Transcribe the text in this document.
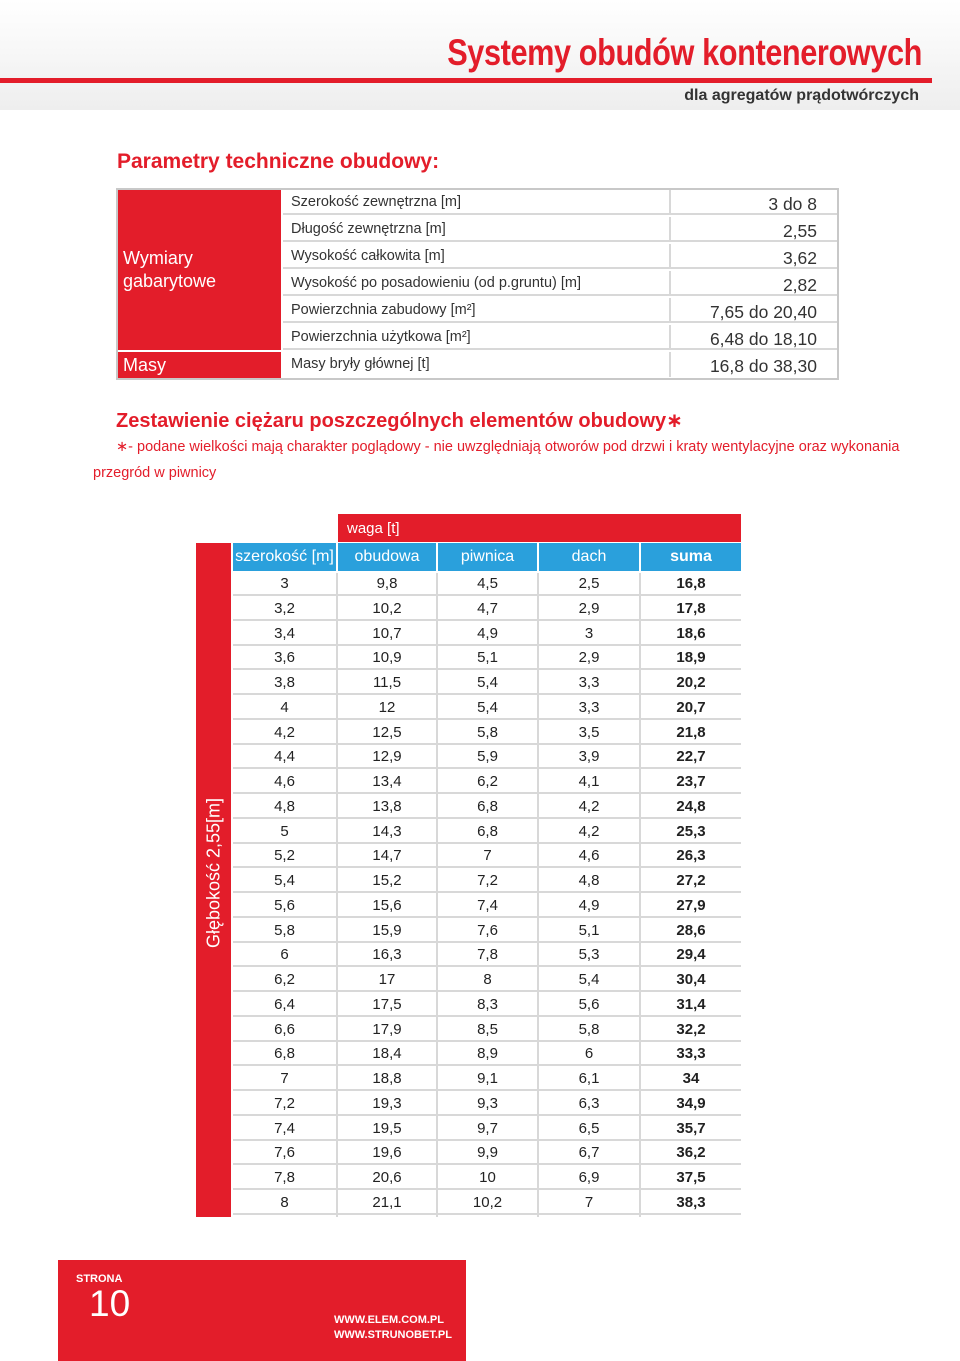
Systemy obudów kontenerowych
dla agregatów prądotwórczych
Parametry techniczne obudowy:
Wymiary gabarytowe
Masy
Szerokość zewnętrzna [m]	3 do 8
Długość zewnętrzna [m]	2,55
Wysokość całkowita [m]	3,62
Wysokość po posadowieniu (od p.gruntu) [m]	2,82
Powierzchnia zabudowy [m²]	7,65 do 20,40
Powierzchnia użytkowa [m²]	6,48 do 18,10
Masy bryły głównej [t]	16,8 do 38,30
Zestawienie ciężaru poszczególnych elementów obudowy∗
∗- podane wielkości mają charakter poglądowy - nie uwzględniają otworów pod drzwi i kraty wentylacyjne oraz wykonania
przegród w piwnicy
Głębokość 2,55[m]
waga [t]
szerokość [m]	obudowa	piwnica	dach	suma
3	9,8	4,5	2,5	16,8
3,2	10,2	4,7	2,9	17,8
3,4	10,7	4,9	3	18,6
3,6	10,9	5,1	2,9	18,9
3,8	11,5	5,4	3,3	20,2
4	12	5,4	3,3	20,7
4,2	12,5	5,8	3,5	21,8
4,4	12,9	5,9	3,9	22,7
4,6	13,4	6,2	4,1	23,7
4,8	13,8	6,8	4,2	24,8
5	14,3	6,8	4,2	25,3
5,2	14,7	7	4,6	26,3
5,4	15,2	7,2	4,8	27,2
5,6	15,6	7,4	4,9	27,9
5,8	15,9	7,6	5,1	28,6
6	16,3	7,8	5,3	29,4
6,2	17	8	5,4	30,4
6,4	17,5	8,3	5,6	31,4
6,6	17,9	8,5	5,8	32,2
6,8	18,4	8,9	6	33,3
7	18,8	9,1	6,1	34
7,2	19,3	9,3	6,3	34,9
7,4	19,5	9,7	6,5	35,7
7,6	19,6	9,9	6,7	36,2
7,8	20,6	10	6,9	37,5
8	21,1	10,2	7	38,3
STRONA
10	WWW.ELEM.COM.PL
WWW.STRUNOBET.PL
